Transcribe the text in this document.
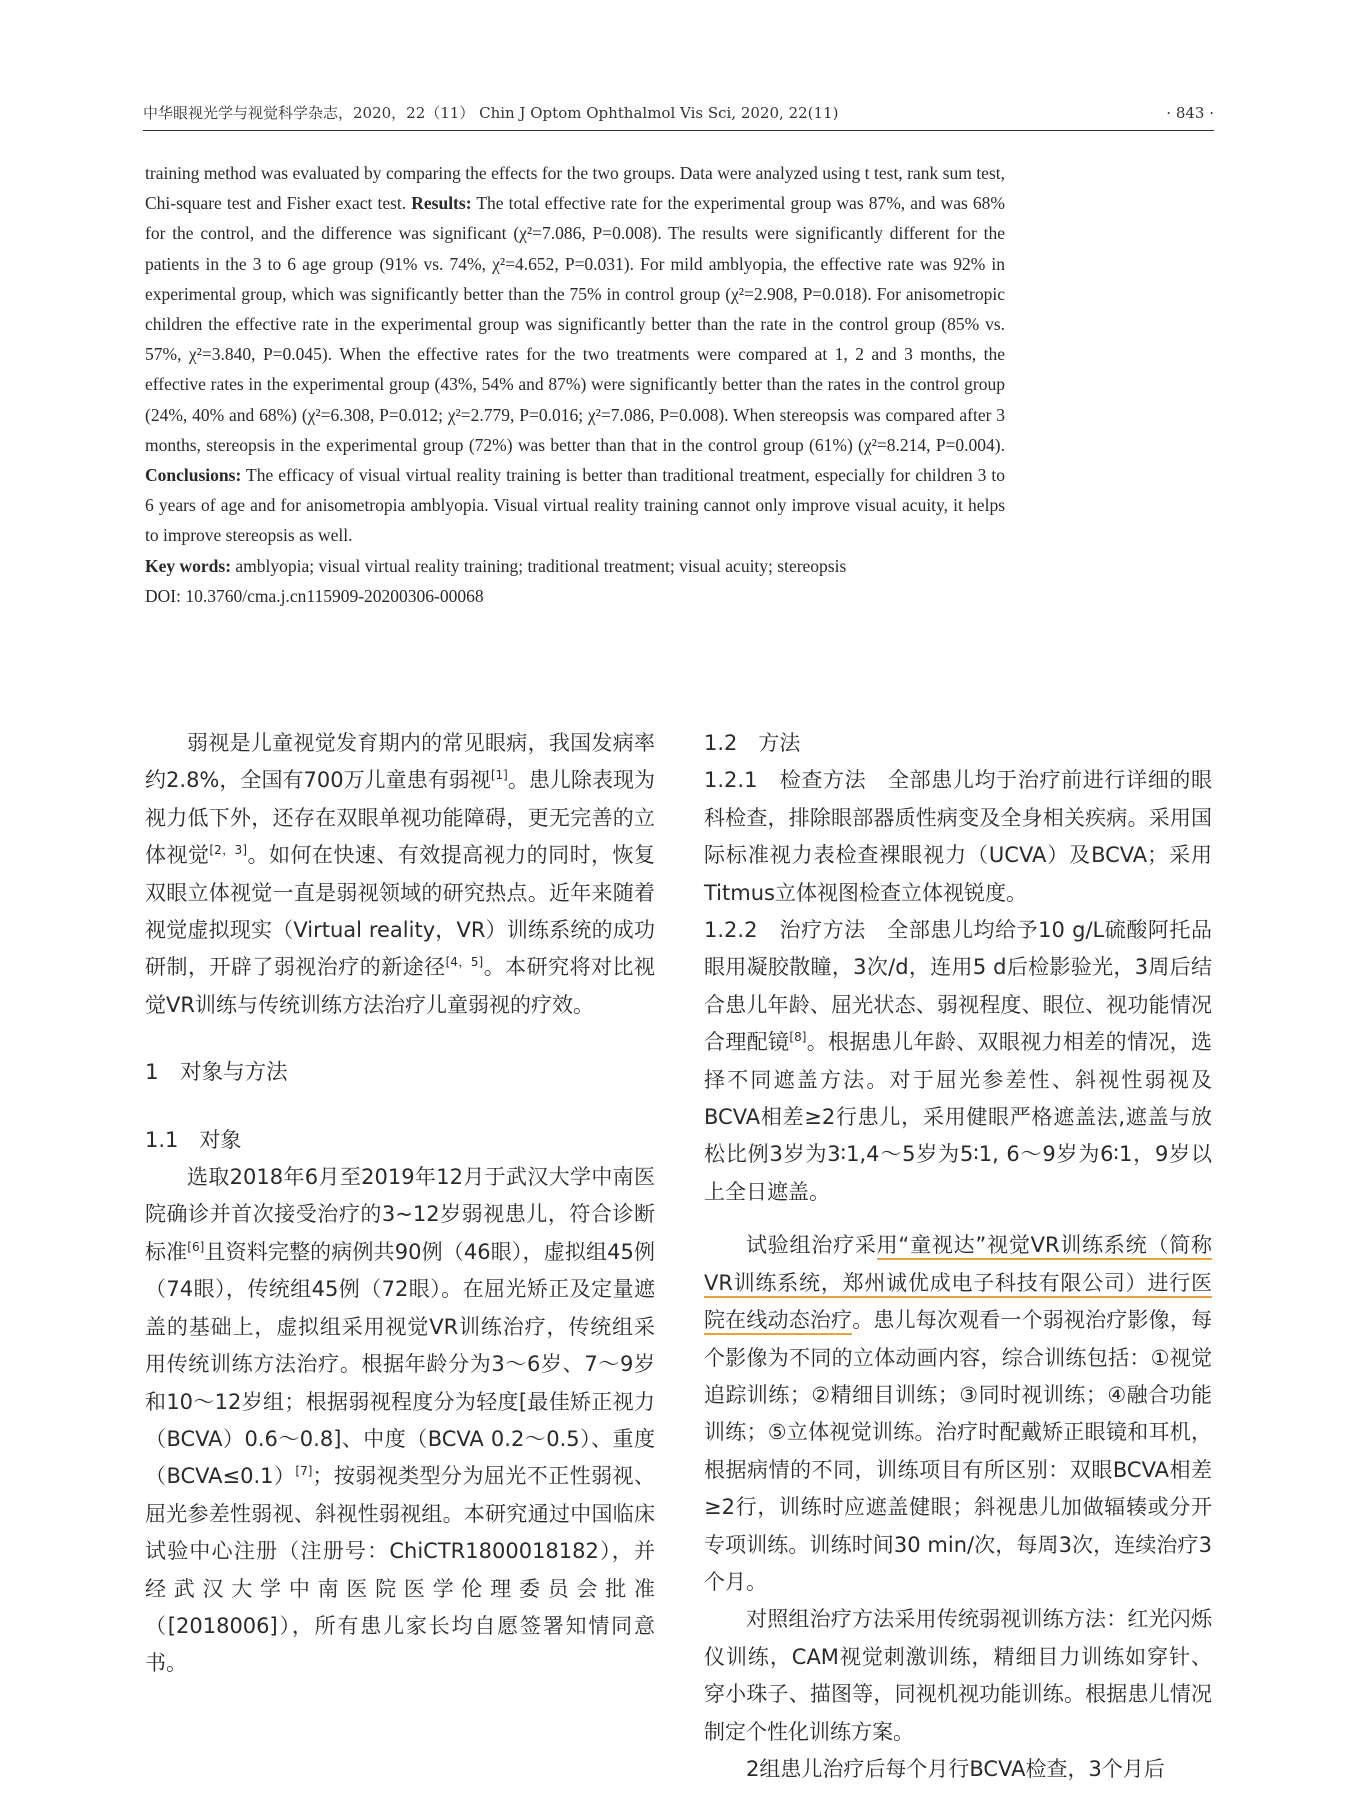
中华眼视光学与视觉科学杂志，2020，22（11） Chin J Optom Ophthalmol Vis Sci, 2020, 22(11)	· 843 ·

training method was evaluated by comparing the effects for the two groups. Data were analyzed using t test, rank sum test, Chi-square test and Fisher exact test. Results: The total effective rate for the experimental group was 87%, and was 68% for the control, and the difference was significant (χ²=7.086, P=0.008). The results were significantly different for the patients in the 3 to 6 age group (91% vs. 74%, χ²=4.652, P=0.031). For mild amblyopia, the effective rate was 92% in experimental group, which was significantly better than the 75% in control group (χ²=2.908, P=0.018). For anisometropic children the effective rate in the experimental group was significantly better than the rate in the control group (85% vs. 57%, χ²=3.840, P=0.045). When the effective rates for the two treatments were compared at 1, 2 and 3 months, the effective rates in the experimental group (43%, 54% and 87%) were significantly better than the rates in the control group (24%, 40% and 68%) (χ²=6.308, P=0.012; χ²=2.779, P=0.016; χ²=7.086, P=0.008). When stereopsis was compared after 3 months, stereopsis in the experimental group (72%) was better than that in the control group (61%) (χ²=8.214, P=0.004). Conclusions: The efficacy of visual virtual reality training is better than traditional treatment, especially for children 3 to 6 years of age and for anisometropia amblyopia. Visual virtual reality training cannot only improve visual acuity, it helps to improve stereopsis as well.

Key words: amblyopia; visual virtual reality training; traditional treatment; visual acuity; stereopsis

DOI: 10.3760/cma.j.cn115909-20200306-00068

弱视是儿童视觉发育期内的常见眼病，我国发病率约2.8%，全国有700万儿童患有弱视[1]。患儿除表现为视力低下外，还存在双眼单视功能障碍，更无完善的立体视觉[2，3]。如何在快速、有效提高视力的同时，恢复双眼立体视觉一直是弱视领域的研究热点。近年来随着视觉虚拟现实（Virtual reality，VR）训练系统的成功研制，开辟了弱视治疗的新途径[4，5]。本研究将对比视觉VR训练与传统训练方法治疗儿童弱视的疗效。

1　对象与方法

1.1　对象

选取2018年6月至2019年12月于武汉大学中南医院确诊并首次接受治疗的3~12岁弱视患儿，符合诊断标准[6]且资料完整的病例共90例（46眼），虚拟组45例（74眼），传统组45例（72眼）。在屈光矫正及定量遮盖的基础上，虚拟组采用视觉VR训练治疗，传统组采用传统训练方法治疗。根据年龄分为3～6岁、7～9岁和10～12岁组；根据弱视程度分为轻度[最佳矫正视力（BCVA）0.6～0.8]、中度（BCVA 0.2～0.5）、重度（BCVA≤0.1）[7]；按弱视类型分为屈光不正性弱视、屈光参差性弱视、斜视性弱视组。本研究通过中国临床试验中心注册（注册号：ChiCTR1800018182），并经武汉大学中南医院医学伦理委员会批准（[2018006]），所有患儿家长均自愿签署知情同意书。

1.2　方法

1.2.1　检查方法　全部患儿均于治疗前进行详细的眼科检查，排除眼部器质性病变及全身相关疾病。采用国际标准视力表检查裸眼视力（UCVA）及BCVA；采用Titmus立体视图检查立体视锐度。

1.2.2　治疗方法　全部患儿均给予10 g/L硫酸阿托品眼用凝胶散瞳，3次/d，连用5 d后检影验光，3周后结合患儿年龄、屈光状态、弱视程度、眼位、视功能情况合理配镜[8]。根据患儿年龄、双眼视力相差的情况，选择不同遮盖方法。对于屈光参差性、斜视性弱视及BCVA相差≥2行患儿，采用健眼严格遮盖法,遮盖与放松比例3岁为3∶1,4～5岁为5∶1, 6～9岁为6∶1，9岁以上全日遮盖。

试验组治疗采用“童视达”视觉VR训练系统（简称VR训练系统，郑州诚优成电子科技有限公司）进行医院在线动态治疗。患儿每次观看一个弱视治疗影像，每个影像为不同的立体动画内容，综合训练包括：①视觉追踪训练；②精细目训练；③同时视训练；④融合功能训练；⑤立体视觉训练。治疗时配戴矫正眼镜和耳机，根据病情的不同，训练项目有所区别：双眼BCVA相差≥2行，训练时应遮盖健眼；斜视患儿加做辐辏或分开专项训练。训练时间30 min/次，每周3次，连续治疗3个月。

对照组治疗方法采用传统弱视训练方法：红光闪烁仪训练，CAM视觉刺激训练，精细目力训练如穿针、穿小珠子、描图等，同视机视功能训练。根据患儿情况制定个性化训练方案。

2组患儿治疗后每个月行BCVA检查，3个月后
